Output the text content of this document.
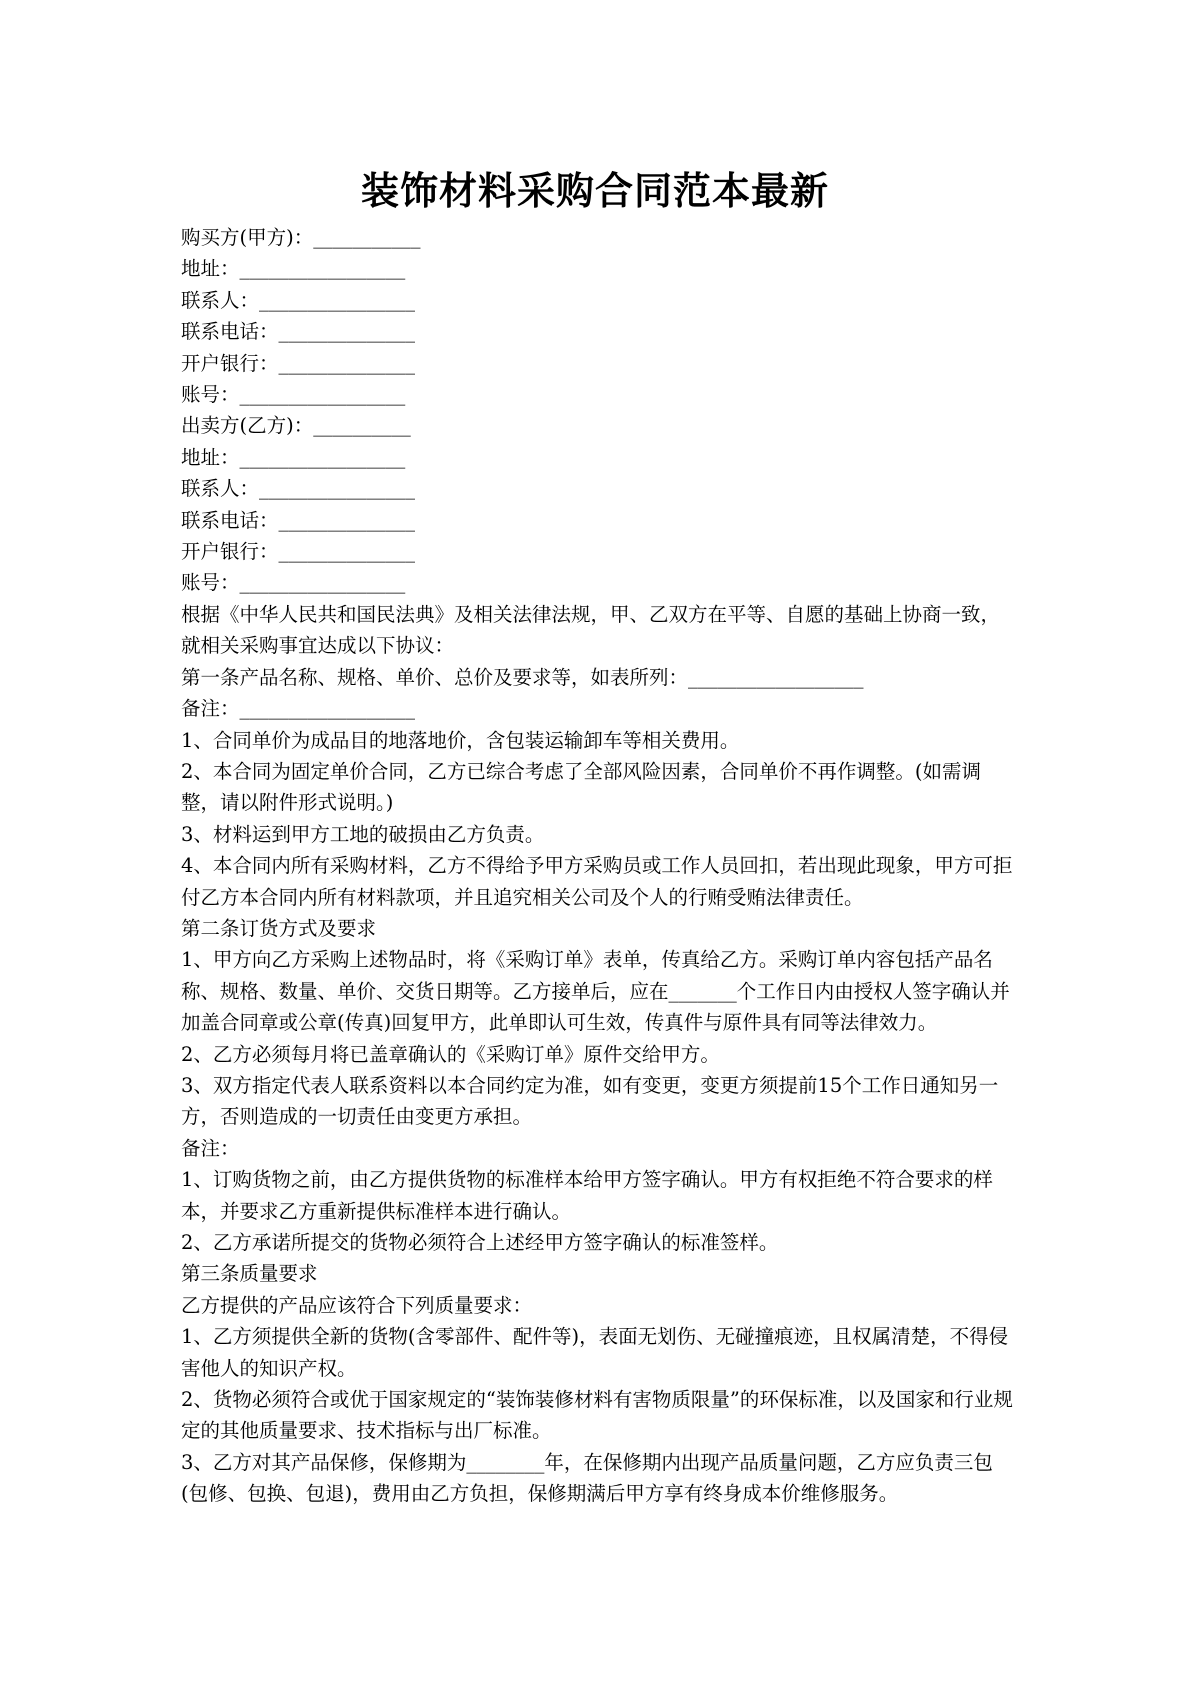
装饰材料采购合同范本最新

购买方(甲方)：___________

地址：_________________

联系人：________________

联系电话：______________

开户银行：______________

账号：_________________

出卖方(乙方)：__________

地址：_________________

联系人：________________

联系电话：______________

开户银行：______________

账号：_________________

根据《中华人民共和国民法典》及相关法律法规，甲、乙双方在平等、自愿的基础上协商一致，就相关采购事宜达成以下协议：

第一条产品名称、规格、单价、总价及要求等，如表所列：__________________

备注：__________________

1、合同单价为成品目的地落地价，含包装运输卸车等相关费用。

2、本合同为固定单价合同，乙方已综合考虑了全部风险因素，合同单价不再作调整。(如需调整，请以附件形式说明。)

3、材料运到甲方工地的破损由乙方负责。

4、本合同内所有采购材料，乙方不得给予甲方采购员或工作人员回扣，若出现此现象，甲方可拒付乙方本合同内所有材料款项，并且追究相关公司及个人的行贿受贿法律责任。

第二条订货方式及要求

1、甲方向乙方采购上述物品时，将《采购订单》表单，传真给乙方。采购订单内容包括产品名称、规格、数量、单价、交货日期等。乙方接单后，应在_______个工作日内由授权人签字确认并加盖合同章或公章(传真)回复甲方，此单即认可生效，传真件与原件具有同等法律效力。

2、乙方必须每月将已盖章确认的《采购订单》原件交给甲方。

3、双方指定代表人联系资料以本合同约定为准，如有变更，变更方须提前15个工作日通知另一方，否则造成的一切责任由变更方承担。

备注：

1、订购货物之前，由乙方提供货物的标准样本给甲方签字确认。甲方有权拒绝不符合要求的样本，并要求乙方重新提供标准样本进行确认。

2、乙方承诺所提交的货物必须符合上述经甲方签字确认的标准签样。

第三条质量要求

乙方提供的产品应该符合下列质量要求：

1、乙方须提供全新的货物(含零部件、配件等)，表面无划伤、无碰撞痕迹，且权属清楚，不得侵害他人的知识产权。

2、货物必须符合或优于国家规定的“装饰装修材料有害物质限量”的环保标准，以及国家和行业规定的其他质量要求、技术指标与出厂标准。

3、乙方对其产品保修，保修期为________年，在保修期内出现产品质量问题，乙方应负责三包(包修、包换、包退)，费用由乙方负担，保修期满后甲方享有终身成本价维修服务。
